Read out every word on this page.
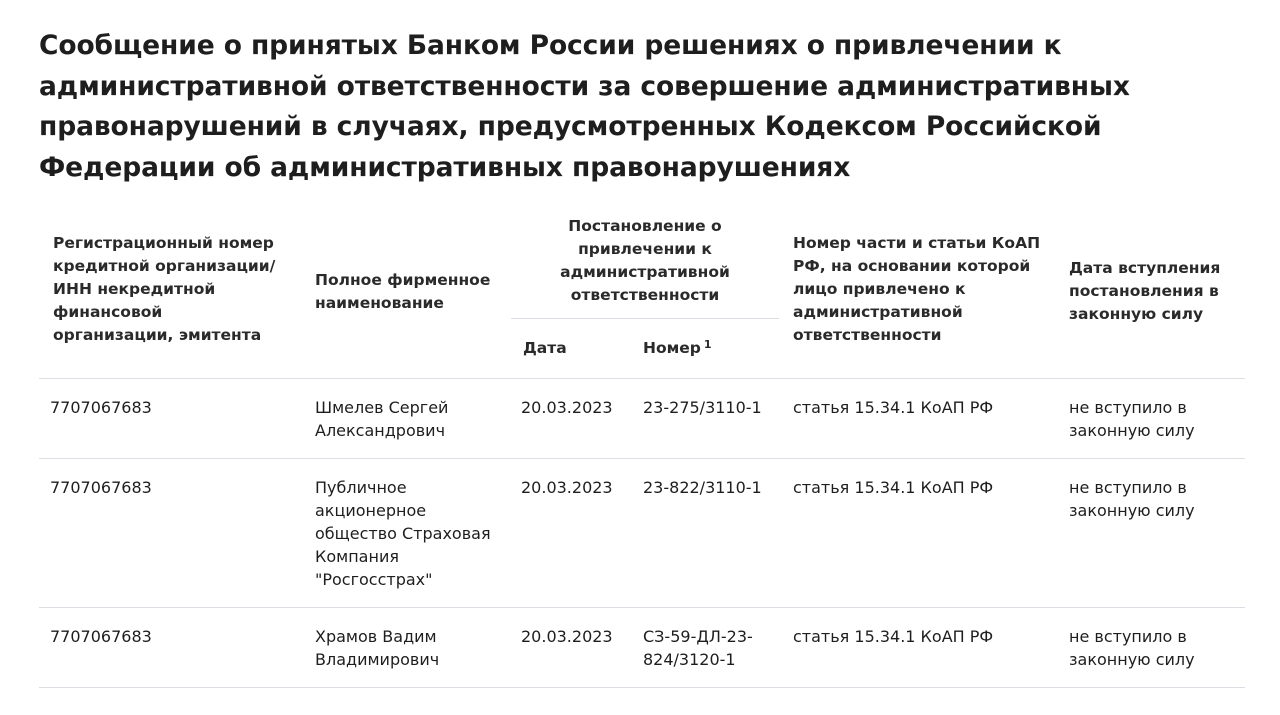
Сообщение о принятых Банком России решениях о привлечении к административной ответственности за совершение административных правонарушений в случаях, предусмотренных Кодексом Российской Федерации об административных правонарушениях
Регистрационный номер кредитной организации/ ИНН некредитной финансовой организации, эмитента	Полное фирменное наименование	Постановление о привлечении к административной ответственности		Номер части и статьи КоАП РФ, на основании которой лицо привлечено к административной ответственности	Дата вступления постановления в законную силу
		Дата	Номер $^1$
7707067683	Шмелев Сергей Александрович	20.03.2023	23-275/3110-1	статья 15.34.1 КоАП РФ	не вступило в законную силу
7707067683	Публичное акционерное общество Страховая Компания "Росгосстрах"	20.03.2023	23-822/3110-1	статья 15.34.1 КоАП РФ	не вступило в законную силу
7707067683	Храмов Вадим Владимирович	20.03.2023	СЗ-59-ДЛ-23-824/3120-1	статья 15.34.1 КоАП РФ	не вступило в законную силу
